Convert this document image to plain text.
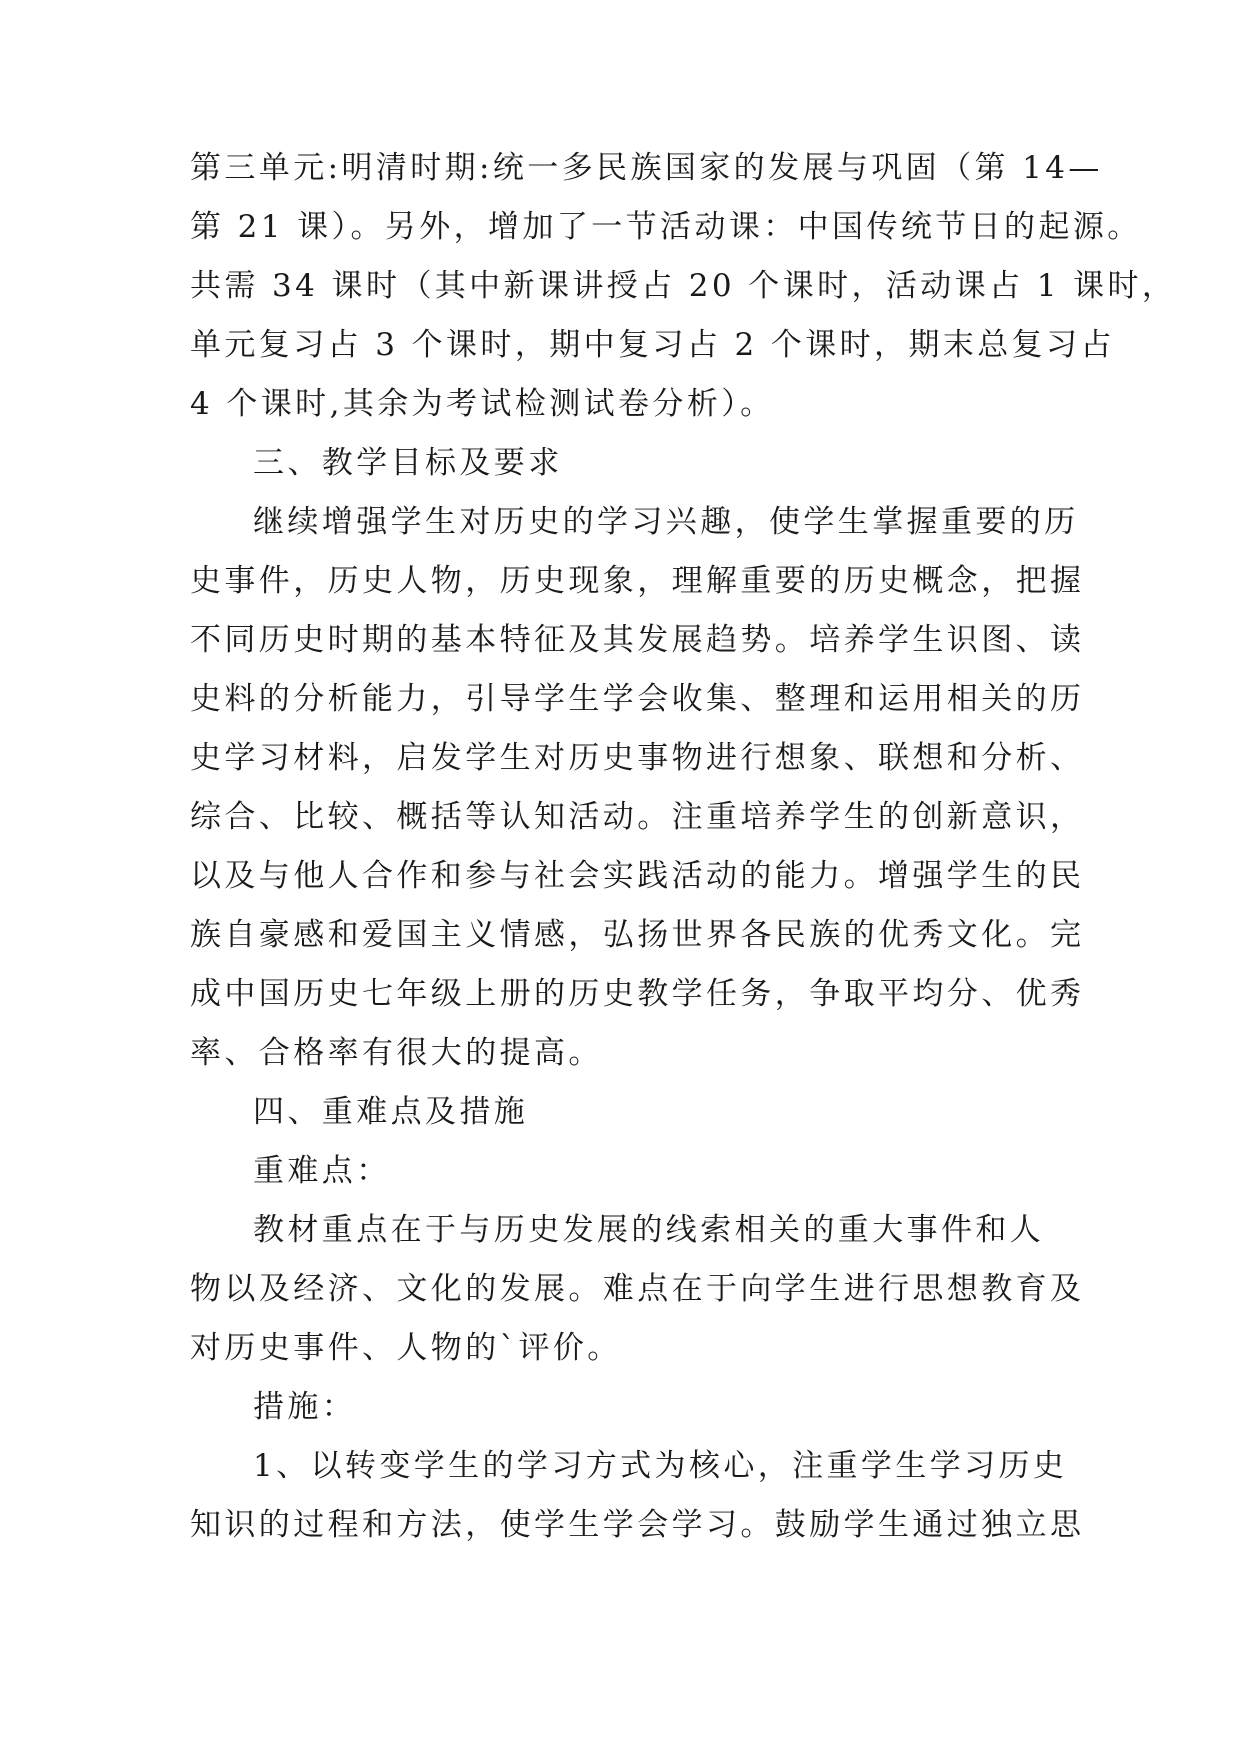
第三单元:明清时期:统一多民族国家的发展与巩固（第 14—
第 21 课）。另外，增加了一节活动课：中国传统节日的起源。
共需 34 课时（其中新课讲授占 20 个课时，活动课占 1 课时，
单元复习占 3 个课时，期中复习占 2 个课时，期末总复习占
4 个课时,其余为考试检测试卷分析）。
三、教学目标及要求
继续增强学生对历史的学习兴趣，使学生掌握重要的历
史事件，历史人物，历史现象，理解重要的历史概念，把握
不同历史时期的基本特征及其发展趋势。培养学生识图、读
史料的分析能力，引导学生学会收集、整理和运用相关的历
史学习材料，启发学生对历史事物进行想象、联想和分析、
综合、比较、概括等认知活动。注重培养学生的创新意识，
以及与他人合作和参与社会实践活动的能力。增强学生的民
族自豪感和爱国主义情感，弘扬世界各民族的优秀文化。完
成中国历史七年级上册的历史教学任务，争取平均分、优秀
率、合格率有很大的提高。
四、重难点及措施
重难点：
教材重点在于与历史发展的线索相关的重大事件和人
物以及经济、文化的发展。难点在于向学生进行思想教育及
对历史事件、人物的`评价。
措施：
1、以转变学生的学习方式为核心，注重学生学习历史
知识的过程和方法，使学生学会学习。鼓励学生通过独立思
